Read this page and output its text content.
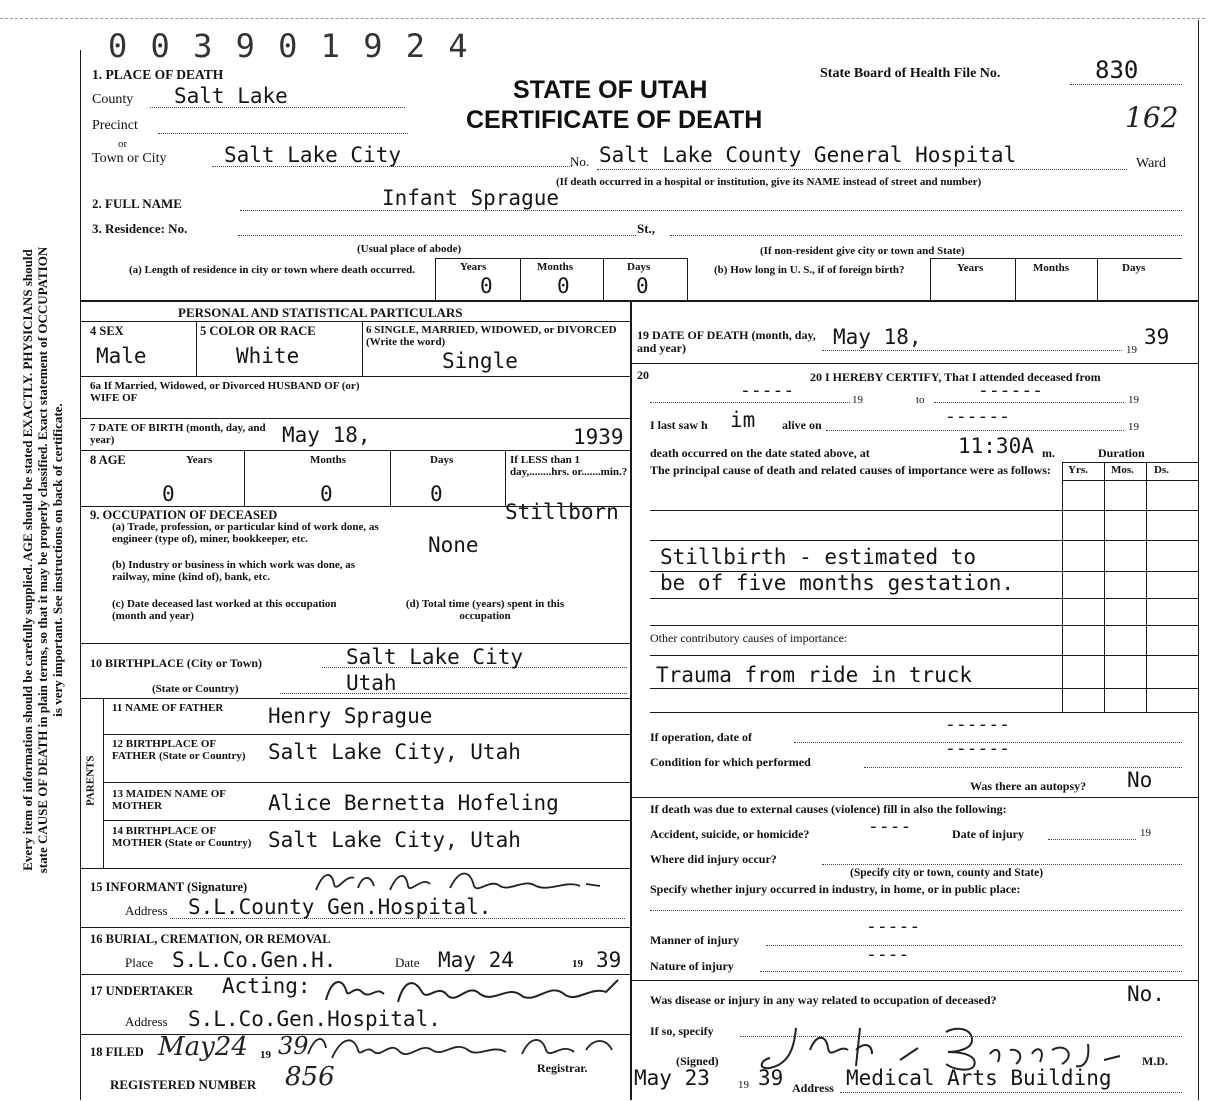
Every item of information should be carefully supplied. AGE should be stated EXACTLY. PHYSICIANS should state CAUSE OF DEATH in plain terms, so that it may be properly classified. Exact statement of OCCUPATION is very important. See instructions on back of certificate.
0 0 3 9 0 1 9 2 4
STATE OF UTAH
CERTIFICATE OF DEATH
State Board of Health File No.	830
162
1. PLACE OF DEATH
County Salt Lake
Precinct
or
Town or City	Salt Lake City	No. Salt Lake County General Hospital	Ward
(If death occurred in a hospital or institution, give its NAME instead of street and number)
2. FULL NAME	Infant Sprague
3. Residence: No.	St.,
(Usual place of abode)	(If non-resident give city or town and State)
(a) Length of residence in city or town where death occurred.	Years	Months	Days
0	0	0
(b) How long in U. S., if of foreign birth?	Years	Months	Days
PERSONAL AND STATISTICAL PARTICULARS
4 SEX
Male
5 COLOR OR RACE
White
6 SINGLE, MARRIED, WIDOWED, or DIVORCED (Write the word)
Single
6a If Married, Widowed, or Divorced HUSBAND OF (or) WIFE OF
7 DATE OF BIRTH (month, day, and year)	May 18,	1939
8 AGE	Years	Months	Days	If LESS than 1 day,........hrs. or.......min.?
0	0	0
Stillborn
9. OCCUPATION OF DECEASED
(a) Trade, profession, or particular kind of work done, as engineer (type of), miner, bookkeeper, etc.	None
(b) Industry or business in which work was done, as railway, mine (kind of), bank, etc.
(c) Date deceased last worked at this occupation (month and year)
(d) Total time (years) spent in this occupation
10 BIRTHPLACE (City or Town)	Salt Lake City
(State or Country)	Utah
PARENTS
11 NAME OF FATHER	Henry Sprague
12 BIRTHPLACE OF FATHER (State or Country)	Salt Lake City, Utah
13 MAIDEN NAME OF MOTHER	Alice Bernetta Hofeling
14 BIRTHPLACE OF MOTHER (State or Country) Salt Lake City, Utah
15 INFORMANT (Signature)
Address S.L.County Gen.Hospital.
16 BURIAL, CREMATION, OR REMOVAL
Place S.L.Co.Gen.H.	Date May 24	19 39
17 UNDERTAKER Acting:
Address S.L.Co.Gen.Hospital.
18 FILED May24 19 39
REGISTERED NUMBER 856	Registrar.
19 DATE OF DEATH (month, day, and year)	May 18,
19
39
20	20 I HEREBY CERTIFY, That I attended deceased from
-----	19	to	------	19
I last saw h im alive on	------	19
death occurred on the date stated above, at	11:30A m.	Duration
The principal cause of death and related causes of importance were as follows:	Yrs. Mos. Ds.
Stillbirth - estimated to
be of five months gestation.
Other contributory causes of importance:
Trauma from ride in truck
If operation, date of
------
Condition for which performed
------
Was there an autopsy? No
If death was due to external causes (violence) fill in also the following:
Accident, suicide, or homicide?	----	Date of injury	19
Where did injury occur?
(Specify city or town, county and State)
Specify whether injury occurred in industry, in home, or in public place:
Manner of injury
-----
Nature of injury
----
Was disease or injury in any way related to occupation of deceased?	No.
If so, specify
(Signed)	M.D.
May 23	19 39 Address Medical Arts Building
